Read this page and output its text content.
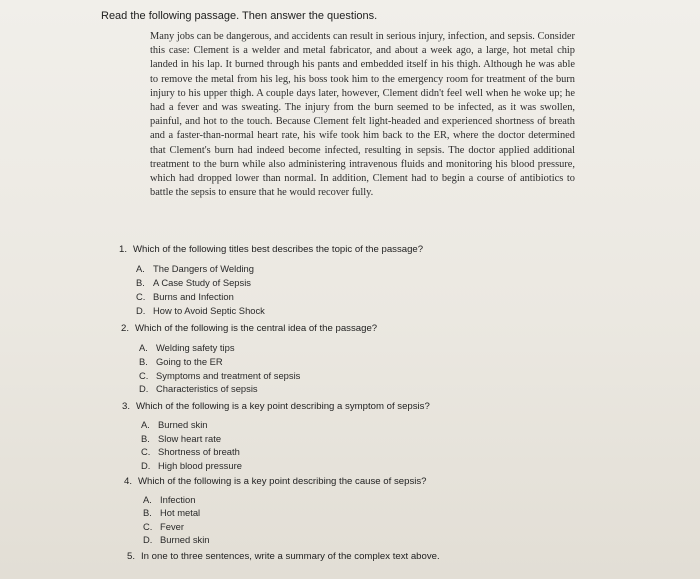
Read the following passage. Then answer the questions.
Many jobs can be dangerous, and accidents can result in serious injury, infection, and sepsis. Consider this case: Clement is a welder and metal fabricator, and about a week ago, a large, hot metal chip landed in his lap. It burned through his pants and embedded itself in his thigh. Although he was able to remove the metal from his leg, his boss took him to the emergency room for treatment of the burn injury to his upper thigh. A couple days later, however, Clement didn't feel well when he woke up; he had a fever and was sweating. The injury from the burn seemed to be infected, as it was swollen, painful, and hot to the touch. Because Clement felt light-headed and experienced shortness of breath and a faster-than-normal heart rate, his wife took him back to the ER, where the doctor determined that Clement's burn had indeed become infected, resulting in sepsis. The doctor applied additional treatment to the burn while also administering intravenous fluids and monitoring his blood pressure, which had dropped lower than normal. In addition, Clement had to begin a course of antibiotics to battle the sepsis to ensure that he would recover fully.
1. Which of the following titles best describes the topic of the passage?
A. The Dangers of Welding
B. A Case Study of Sepsis
C. Burns and Infection
D. How to Avoid Septic Shock
2. Which of the following is the central idea of the passage?
A. Welding safety tips
B. Going to the ER
C. Symptoms and treatment of sepsis
D. Characteristics of sepsis
3. Which of the following is a key point describing a symptom of sepsis?
A. Burned skin
B. Slow heart rate
C. Shortness of breath
D. High blood pressure
4. Which of the following is a key point describing the cause of sepsis?
A. Infection
B. Hot metal
C. Fever
D. Burned skin
5. In one to three sentences, write a summary of the complex text above.
